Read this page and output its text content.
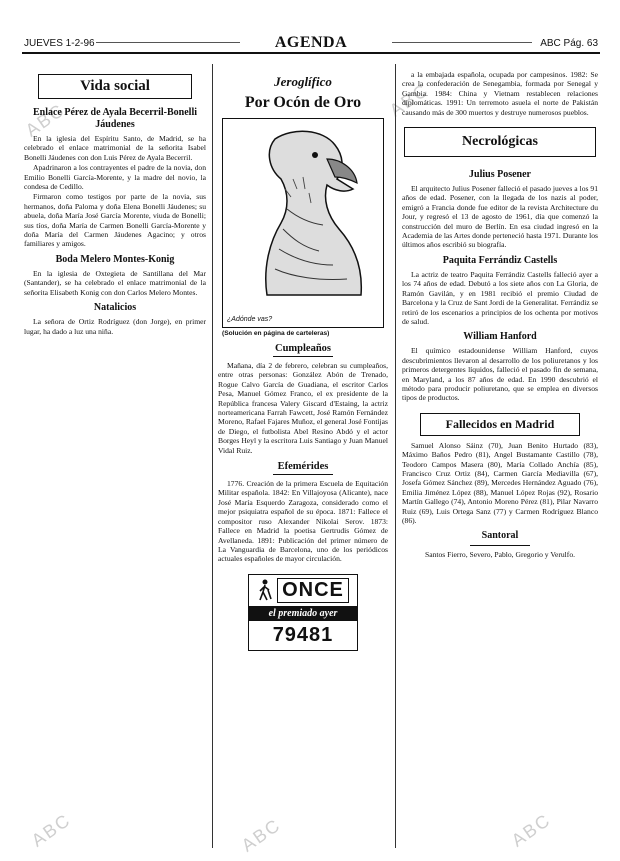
ABC	ABC
ABC	ABC	ABC
JUEVES 1-2-96	AGENDA	ABC Pág. 63
Vida social
Enlace Pérez de Ayala Becerril-Bonelli Jáudenes

En la iglesia del Espíritu Santo, de Madrid, se ha celebrado el enlace matrimonial de la señorita Isabel Bonelli Jáudenes con don Luis Pérez de Ayala Becerril.

Apadrinaron a los contrayentes el padre de la novia, don Emilio Bonelli García-Morente, y la madre del novio, la condesa de Cedillo.

Firmaron como testigos por parte de la novia, sus hermanos, doña Paloma y doña Elena Bonelli Jáudenes; su abuela, doña María José García Morente, viuda de Bonelli; sus tíos, doña María de Carmen Bonelli García-Morente y doña María del Carmen Jáudenes Agacino; y otros familiares y amigos.

Boda Melero Montes-Konig

En la iglesia de Oxtegieta de Santillana del Mar (Santander), se ha celebrado el enlace matrimonial de la señorita Elisabeth Konig con don Carlos Melero Montes.

Natalicios

La señora de Ortiz Rodríguez (don Jorge), en primer lugar, ha dado a luz una niña.

Jeroglífico
Por Ocón de Oro
¿Adónde vas?
(Solución en página de carteleras)
Cumpleaños

Mañana, día 2 de febrero, celebran su cumpleaños, entre otras personas: González Abón de Trenado, Rogue Calvo García de Guadiana, el escritor Carlos Pesa, Manuel Gómez Franco, el ex presidente de la República francesa Valery Giscard d'Estaing, la actriz norteamericana Farrah Fawcett, José Ramón Fernández Moreno, Rafael Fajares Muñoz, el general José Fontijas de Diego, el futbolista Abel Resino Abdó y el actor Borges Heyl y la escritora Luis Santiago y Juan Manuel Vidal Ruiz.

Efemérides

1776. Creación de la primera Escuela de Equitación Militar española. 1842: En Villajoyosa (Alicante), nace José María Esquerdo Zaragoza, considerado como el mejor psiquiatra español de su época. 1871: Fallece el compositor ruso Alexander Nikolai Serov. 1873: Fallece en Madrid la poetisa Gertrudis Gómez de Avellaneda. 1891: Publicación del primer número de La Vanguardia de Barcelona, uno de los periódicos actuales españoles de mayor circulación.

ONCE
el premiado ayer
79481

a la embajada española, ocupada por campesinos. 1982: Se crea la confederación de Senegambia, formada por Senegal y Gambia. 1984: China y Vietnam restablecen relaciones diplomáticas. 1991: Un terremoto asuela el norte de Pakistán causando más de 300 muertos y destruye numerosos pueblos.

Necrológicas
Julius Posener

El arquitecto Julius Posener falleció el pasado jueves a los 91 años de edad. Posener, con la llegada de los nazis al poder, emigró a Francia donde fue editor de la revista Architecture du Jour, y regresó el 13 de agosto de 1961, día que comenzó la construcción del muro de Berlín. En esa ciudad ingresó en la Academia de las Artes donde perteneció hasta 1971. Durante los últimos años escribió su biografía.

Paquita Ferrándiz Castells

La actriz de teatro Paquita Ferrándiz Castells falleció ayer a los 74 años de edad. Debutó a los siete años con La Gloria, de Ramón Gavilán, y en 1981 recibió el premio Ciudad de Barcelona y la Cruz de Sant Jordi de la Generalitat. Ferrándiz se retiró de los escenarios a principios de los ochenta por motivos de salud.

William Hanford

El químico estadounidense William Hanford, cuyos descubrimientos llevaron al desarrollo de los poliuretanos y los primeros detergentes líquidos, falleció el pasado fin de semana, en Maryland, a los 87 años de edad. En 1990 descubrió el método para producir poliuretano, que se emplea en diversos tipos de productos.

Fallecidos en Madrid

Samuel Alonso Sáinz (70), Juan Benito Hurtado (83), Máximo Baños Pedro (81), Angel Bustamante Castillo (78), Teodoro Campos Masera (80), María Collado Anchía (85), Francisco Cruz Ortiz (84), Carmen García Mediavilla (67), Josefa Gómez Sánchez (89), Mercedes Hernández Aguado (76), Emilia Jiménez López (88), Manuel López Rojas (92), Rosario Martín Gallego (74), Antonio Moreno Pérez (81), Pilar Navarro Ruiz (69), Luis Ortega Sanz (77) y Carmen Rodríguez Blanco (86).

Santoral

Santos Fierro, Severo, Pablo, Gregorio y Verulfo.
